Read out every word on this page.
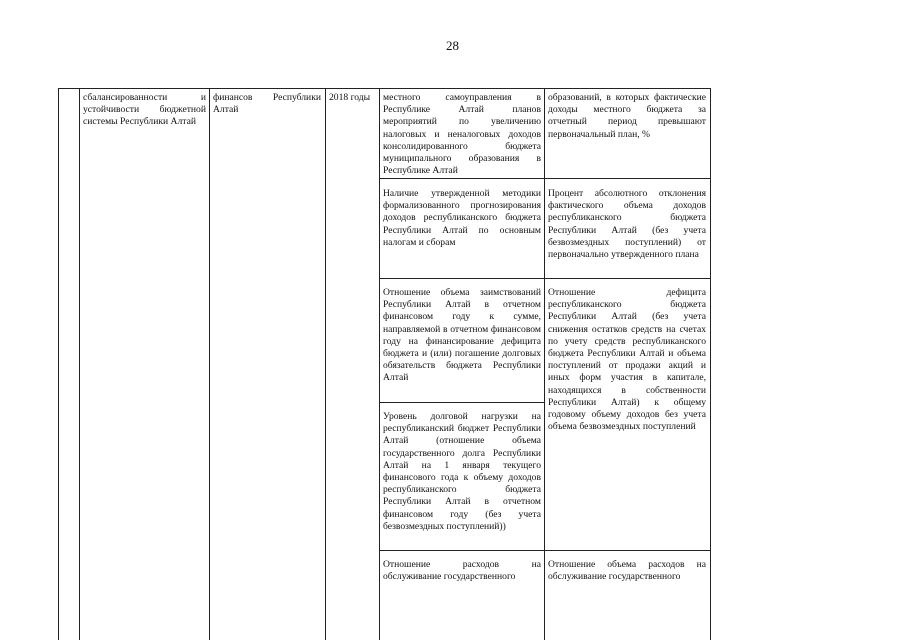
28
сбалансированности и устойчивости бюджетной системы Республики Алтай
финансов Республики Алтай
2018 годы	местного самоуправления в Республике Алтай планов мероприятий по увеличению налоговых и неналоговых доходов консолидированного бюджета муниципального образования в Республике Алтай
Наличие утвержденной методики формализованного прогнозирования доходов республиканского бюджета Республики Алтай по основным налогам и сборам
Отношение объема заимствований Республики Алтай в отчетном финансовом году к сумме, направляемой в отчетном финансовом году на финансирование дефицита бюджета и (или) погашение долговых обязательств бюджета Республики Алтай
Уровень долговой нагрузки на республиканский бюджет Республики Алтай (отношение объема государственного долга Республики Алтай на 1 января текущего финансового года к объему доходов республиканского бюджета Республики Алтай в отчетном финансовом году (без учета безвозмездных поступлений))
Отношение расходов на обслуживание государственного
образований, в которых фактические доходы местного бюджета за отчетный период превышают первоначальный план, %
Процент абсолютного отклонения фактического объема доходов республиканского бюджета Республики Алтай (без учета безвозмездных поступлений) от первоначально утвержденного плана
Отношение дефицита республиканского бюджета Республики Алтай (без учета снижения остатков средств на счетах по учету средств республиканского бюджета Республики Алтай и объема поступлений от продажи акций и иных форм участия в капитале, находящихся в собственности Республики Алтай) к общему годовому объему доходов без учета объема безвозмездных поступлений
Отношение объема расходов на обслуживание государственного
